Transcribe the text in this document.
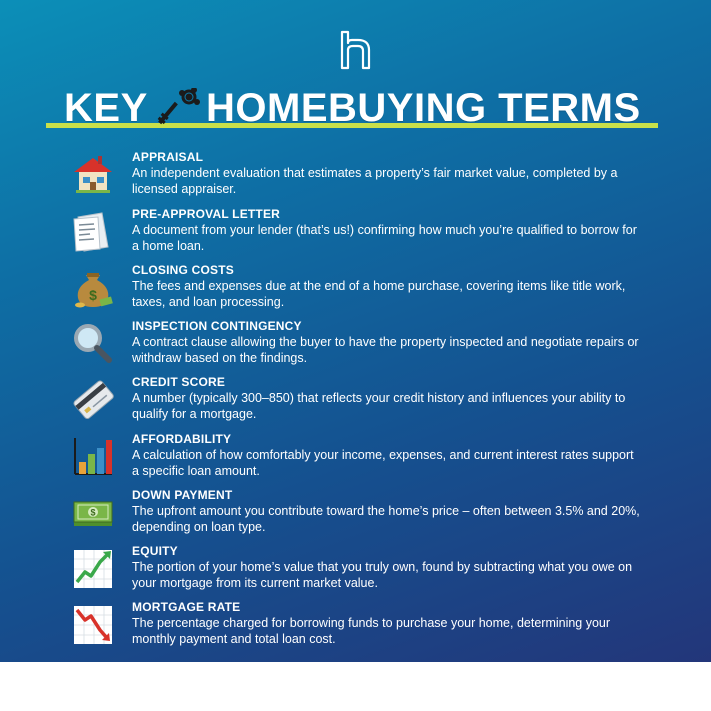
KEY HOMEBUYING TERMS
APPRAISAL
An independent evaluation that estimates a property’s fair market value, completed by a licensed appraiser.
PRE-APPROVAL LETTER
A document from your lender (that’s us!) confirming how much you’re qualified to borrow for a home loan.
$
CLOSING COSTS
The fees and expenses due at the end of a home purchase, covering items like title work, taxes, and loan processing.
INSPECTION CONTINGENCY
A contract clause allowing the buyer to have the property inspected and negotiate repairs or withdraw based on the findings.
CREDIT SCORE
A number (typically 300–850) that reflects your credit history and influences your ability to qualify for a mortgage.
AFFORDABILITY
A calculation of how comfortably your income, expenses, and current interest rates support a specific loan amount.
$
DOWN PAYMENT
The upfront amount you contribute toward the home’s price – often between 3.5% and 20%, depending on loan type.
EQUITY
The portion of your home’s value that you truly own, found by subtracting what you owe on your mortgage from its current market value.
MORTGAGE RATE
The percentage charged for borrowing funds to purchase your home, determining your monthly payment and total loan cost.
